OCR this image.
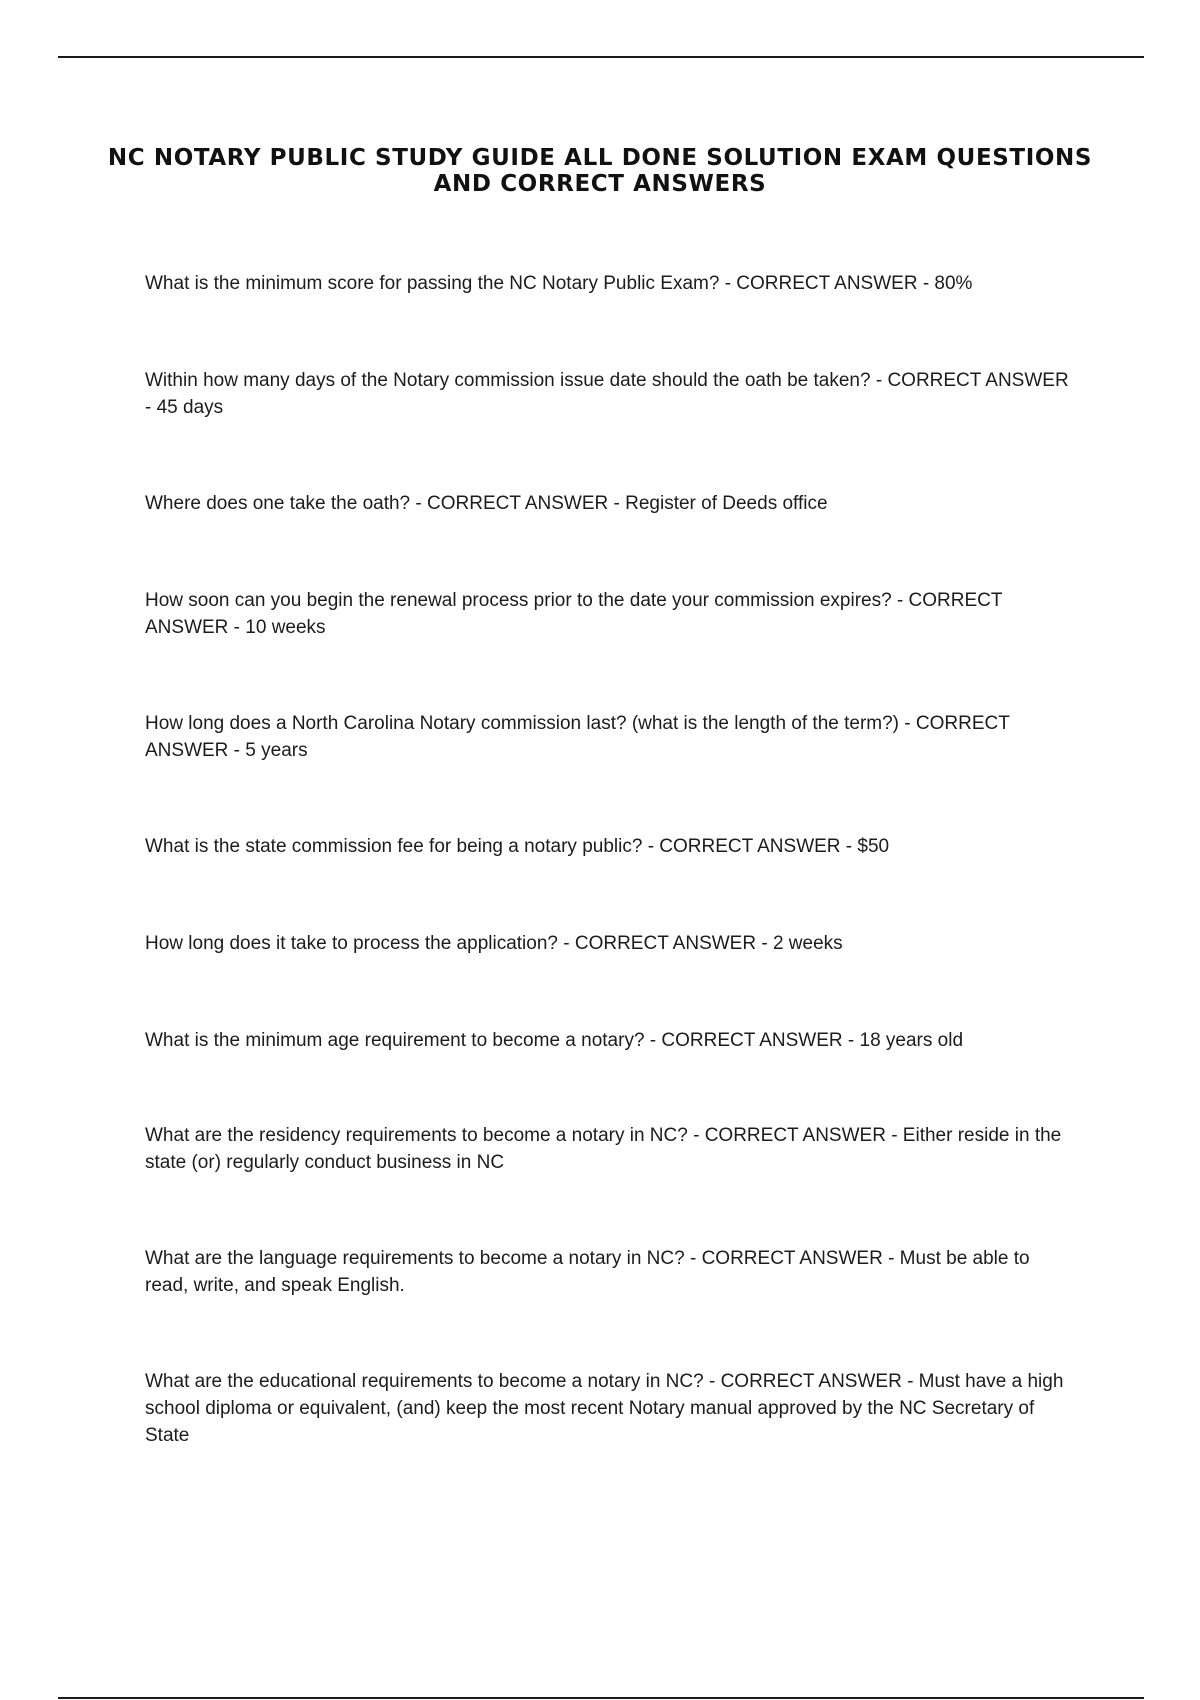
NC NOTARY PUBLIC STUDY GUIDE ALL DONE SOLUTION EXAM QUESTIONS AND CORRECT ANSWERS
What is the minimum score for passing the NC Notary Public Exam? - CORRECT ANSWER - 80%
Within how many days of the Notary commission issue date should the oath be taken? - CORRECT ANSWER - 45 days
Where does one take the oath? - CORRECT ANSWER - Register of Deeds office
How soon can you begin the renewal process prior to the date your commission expires? - CORRECT ANSWER - 10 weeks
How long does a North Carolina Notary commission last? (what is the length of the term?) - CORRECT ANSWER - 5 years
What is the state commission fee for being a notary public? - CORRECT ANSWER - $50
How long does it take to process the application? - CORRECT ANSWER - 2 weeks
What is the minimum age requirement to become a notary? - CORRECT ANSWER - 18 years old
What are the residency requirements to become a notary in NC? - CORRECT ANSWER - Either reside in the state (or) regularly conduct business in NC
What are the language requirements to become a notary in NC? - CORRECT ANSWER - Must be able to read, write, and speak English.
What are the educational requirements to become a notary in NC? - CORRECT ANSWER - Must have a high school diploma or equivalent, (and) keep the most recent Notary manual approved by the NC Secretary of State
